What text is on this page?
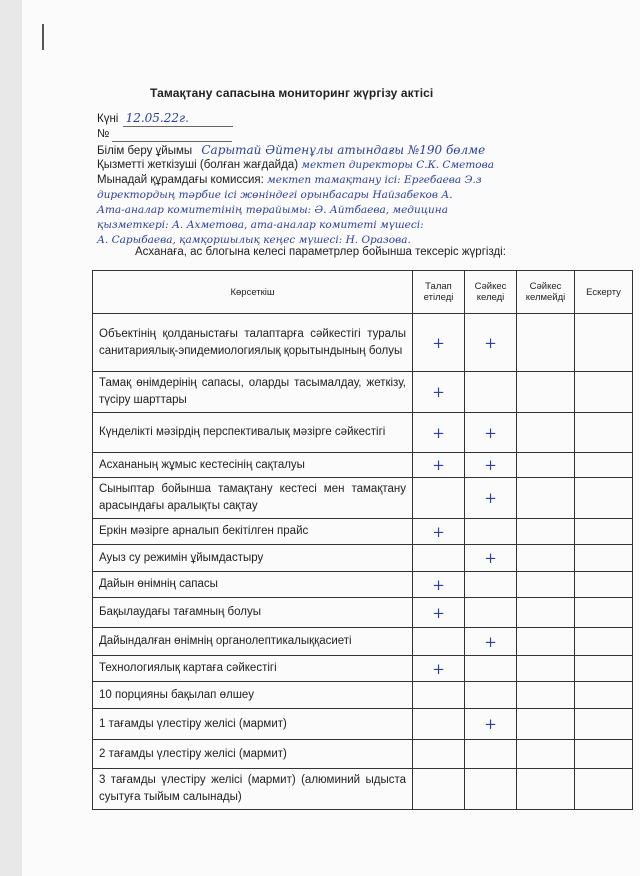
Тамақтану сапасына мониторинг жүргізу актісі
Күні 12.05.22г.
№
Білім беру ұйымы Сарытай Әйтенұлы атындағы №190 бөлме
Қызметті жеткізуші (болған жағдайда) мектеп директоры С.К. Сметова
Мынадай құрамдағы комиссия: мектеп тамақтану ісі: Ергебаева Э.з
директордың тәрбие ісі жөніндегі орынбасары Найзабеков А.
Ата-аналар комитетінің төрайымы: Ә. Айтбаева, медицина
қызметкері: А. Ахметова, ата-аналар комитеті мүшесі:
А. Сарыбаева, қамқоршылық кеңес мүшесі: Н. Оразова.
Асханаға, ас блогына келесі параметрлер бойынша тексеріс жүргізді:
Көрсеткіш	Талап етіледі	Сәйкес келеді	Сәйкес келмейді	Ескерту
Объектінің қолданыстағы талаптарға сәйкестігі туралы санитариялық-эпидемиологиялық қорытындының болуы	+	+		
Тамақ өнімдерінің сапасы, оларды тасымалдау, жеткізу, түсіру шарттары	+			
Күнделікті мәзірдің перспективалық мәзірге сәйкестігі	+	+		
Асхананың жұмыс кестесінің сақталуы	+	+		
Сыныптар бойынша тамақтану кестесі мен тамақтану арасындағы аралықты сақтау		+		
Еркін мәзірге арналып бекітілген прайс	+			
Ауыз су режимін ұйымдастыру		+		
Дайын өнімнің сапасы	+			
Бақылаудағы тағамның болуы	+			
Дайындалған өнімнің органолептикалыққасиеті		+		
Технологиялық картаға сәйкестігі	+			
10 порцияны бақылап өлшеу				
1 тағамды үлестіру желісі (мармит)		+		
2 тағамды үлестіру желісі (мармит)				
3 тағамды үлестіру желісі (мармит) (алюминий ыдыста суытуға тыйым салынады)				
